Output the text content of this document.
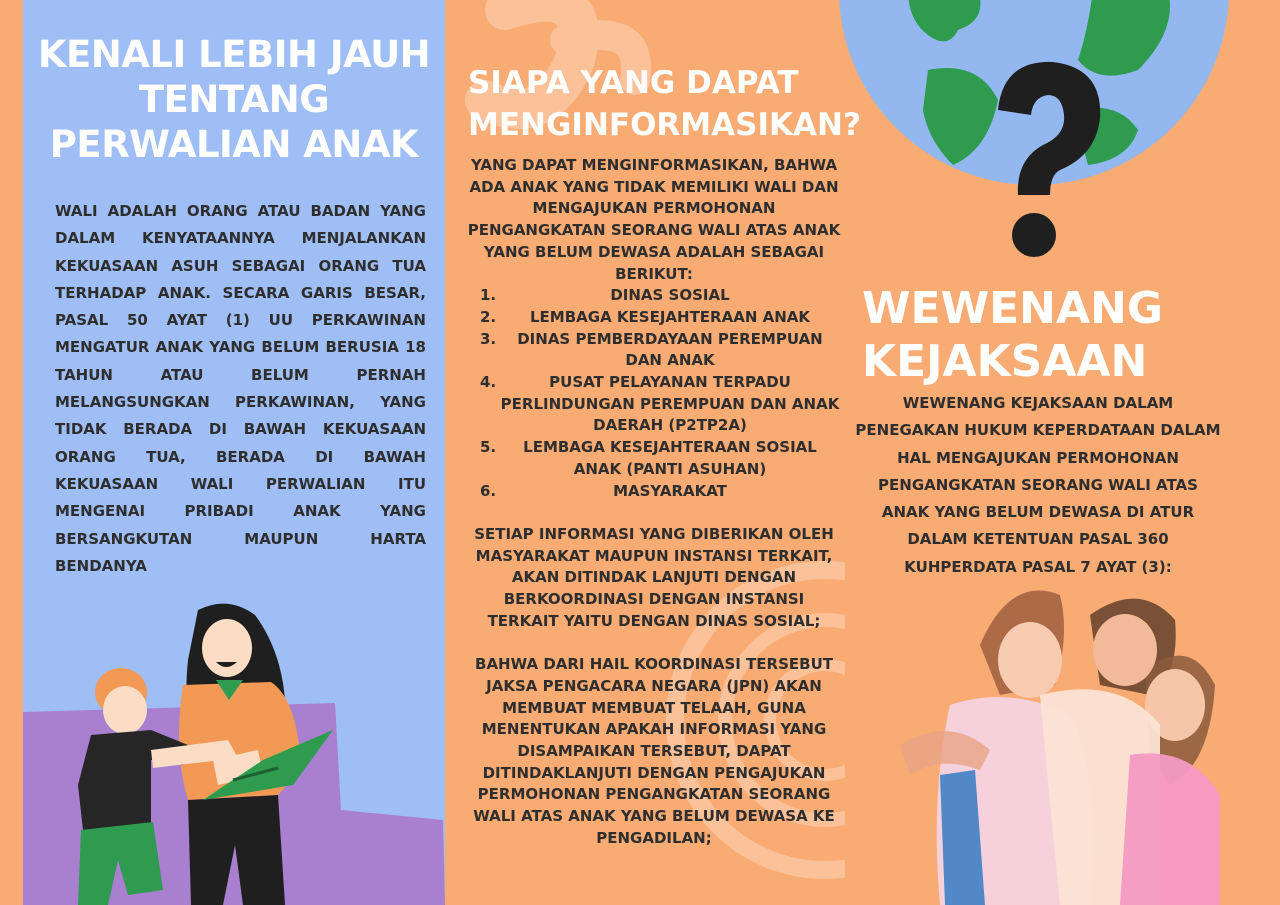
KENALI LEBIH JAUH
TENTANG
PERWALIAN ANAK

WALI ADALAH ORANG ATAU BADAN YANG DALAM KENYATAANNYA MENJALANKAN KEKUASAAN ASUH SEBAGAI ORANG TUA TERHADAP ANAK. SECARA GARIS BESAR, PASAL 50 AYAT (1) UU PERKAWINAN MENGATUR ANAK YANG BELUM BERUSIA 18 TAHUN ATAU BELUM PERNAH MELANGSUNGKAN PERKAWINAN, YANG TIDAK BERADA DI BAWAH KEKUASAAN ORANG TUA, BERADA DI BAWAH KEKUASAAN WALI PERWALIAN ITU MENGENAI PRIBADI ANAK YANG BERSANGKUTAN MAUPUN HARTA BENDANYA

SIAPA YANG DAPAT
MENGINFORMASIKAN?

YANG DAPAT MENGINFORMASIKAN, BAHWA ADA ANAK YANG TIDAK MEMILIKI WALI DAN MENGAJUKAN PERMOHONAN PENGANGKATAN SEORANG WALI ATAS ANAK YANG BELUM DEWASA ADALAH SEBAGAI BERIKUT:

1.	DINAS SOSIAL
2. LEMBAGA KESEJAHTERAAN ANAK
3. DINAS PEMBERDAYAAN PEREMPUAN DAN ANAK
4.	PUSAT PELAYANAN TERPADU PERLINDUNGAN PEREMPUAN DAN ANAK DAERAH (P2TP2A)
5. LEMBAGA KESEJAHTERAAN SOSIAL ANAK (PANTI ASUHAN)
6.	MASYARAKAT

SETIAP INFORMASI YANG DIBERIKAN OLEH MASYARAKAT MAUPUN INSTANSI TERKAIT, AKAN DITINDAK LANJUTI DENGAN BERKOORDINASI DENGAN INSTANSI TERKAIT YAITU DENGAN DINAS SOSIAL;

BAHWA DARI HAIL KOORDINASI TERSEBUT JAKSA PENGACARA NEGARA (JPN) AKAN MEMBUAT MEMBUAT TELAAH, GUNA MENENTUKAN APAKAH INFORMASI YANG DISAMPAIKAN TERSEBUT, DAPAT DITINDAKLANJUTI DENGAN PENGAJUKAN PERMOHONAN PENGANGKATAN SEORANG WALI ATAS ANAK YANG BELUM DEWASA KE PENGADILAN;

WEWENANG
KEJAKSAAN

WEWENANG KEJAKSAAN DALAM PENEGAKAN HUKUM KEPERDATAAN DALAM HAL MENGAJUKAN PERMOHONAN PENGANGKATAN SEORANG WALI ATAS ANAK YANG BELUM DEWASA DI ATUR DALAM KETENTUAN PASAL 360 KUHPERDATA PASAL 7 AYAT (3):
